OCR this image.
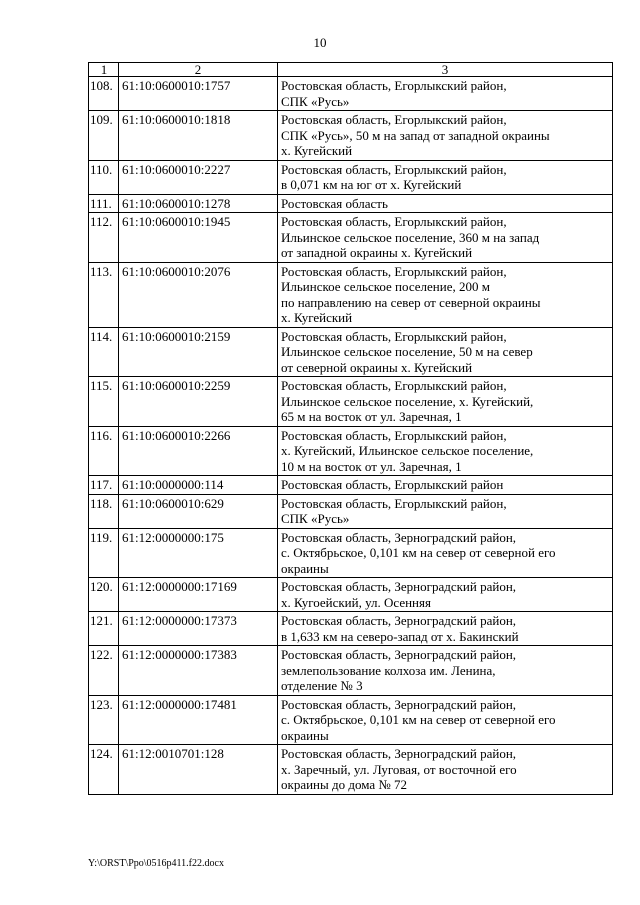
10
1	2	3
108.	61:10:0600010:1757	Ростовская область, Егорлыкский район,
СПК «Русь»

109.	61:10:0600010:1818	Ростовская область, Егорлыкский район,
СПК «Русь», 50 м на запад от западной окраины
х. Кугейский

110.	61:10:0600010:2227	Ростовская область, Егорлыкский район,
в 0,071 км на юг от х. Кугейский

111.	61:10:0600010:1278	Ростовская область

112.	61:10:0600010:1945	Ростовская область, Егорлыкский район,
Ильинское сельское поселение, 360 м на запад
от западной окраины х. Кугейский

113.	61:10:0600010:2076	Ростовская область, Егорлыкский район,
Ильинское сельское поселение, 200 м
по направлению на север от северной окраины
х. Кугейский

114.	61:10:0600010:2159	Ростовская область, Егорлыкский район,
Ильинское сельское поселение, 50 м на север
от северной окраины х. Кугейский

115.	61:10:0600010:2259	Ростовская область, Егорлыкский район,
Ильинское сельское поселение, х. Кугейский,
65 м на восток от ул. Заречная, 1

116.	61:10:0600010:2266	Ростовская область, Егорлыкский район,
х. Кугейский, Ильинское сельское поселение,
10 м на восток от ул. Заречная, 1

117.	61:10:0000000:114	Ростовская область, Егорлыкский район

118.	61:10:0600010:629	Ростовская область, Егорлыкский район,
СПК «Русь»

119.	61:12:0000000:175	Ростовская область, Зерноградский район,
с. Октябрьское, 0,101 км на север от северной его
окраины

120.	61:12:0000000:17169	Ростовская область, Зерноградский район,
х. Кугоейский, ул. Осенняя

121.	61:12:0000000:17373	Ростовская область, Зерноградский район,
в 1,633 км на северо-запад от х. Бакинский

122.	61:12:0000000:17383	Ростовская область, Зерноградский район,
землепользование колхоза им. Ленина,
отделение № 3

123.	61:12:0000000:17481	Ростовская область, Зерноградский район,
с. Октябрьское, 0,101 км на север от северной его
окраины

124.	61:12:0010701:128	Ростовская область, Зерноградский район,
х. Заречный, ул. Луговая, от восточной его
окраины до дома № 72
Y:\ORST\Ppo\0516p411.f22.docx
